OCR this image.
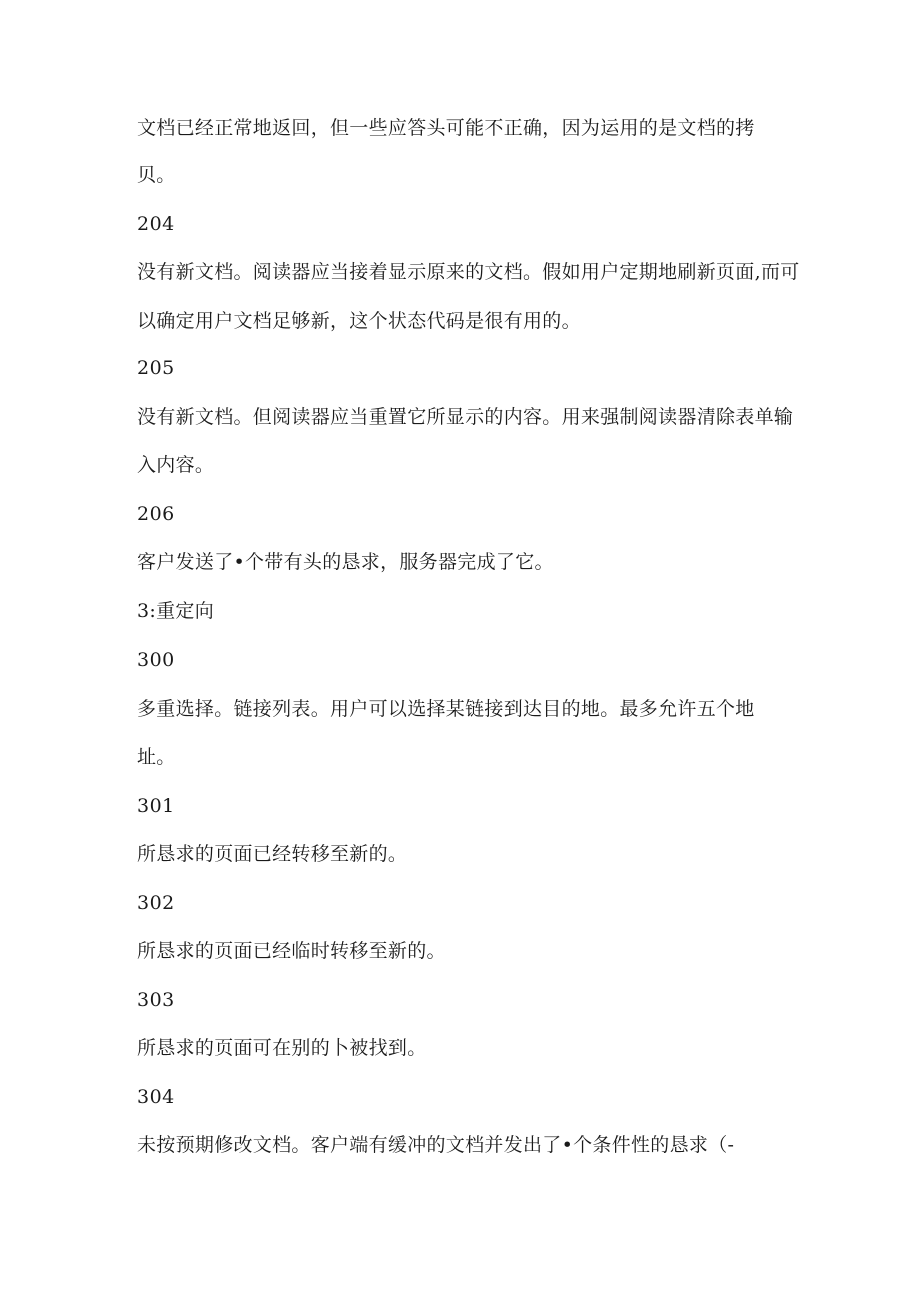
文档已经正常地返回，但一些应答头可能不正确，因为运用的是文档的拷
贝。
204
没有新文档。阅读器应当接着显示原来的文档。假如用户定期地刷新页面,而可
以确定用户文档足够新，这个状态代码是很有用的。
205
没有新文档。但阅读器应当重置它所显示的内容。用来强制阅读器清除表单输
入内容。
206
客户发送了•个带有头的恳求，服务器完成了它。
3:重定向
300
多重选择。链接列表。用户可以选择某链接到达目的地。最多允许五个地
址。
301
所恳求的页面已经转移至新的。
302
所恳求的页面已经临时转移至新的。
303
所恳求的页面可在别的卜被找到。
304
未按预期修改文档。客户端有缓冲的文档并发出了•个条件性的恳求（-
